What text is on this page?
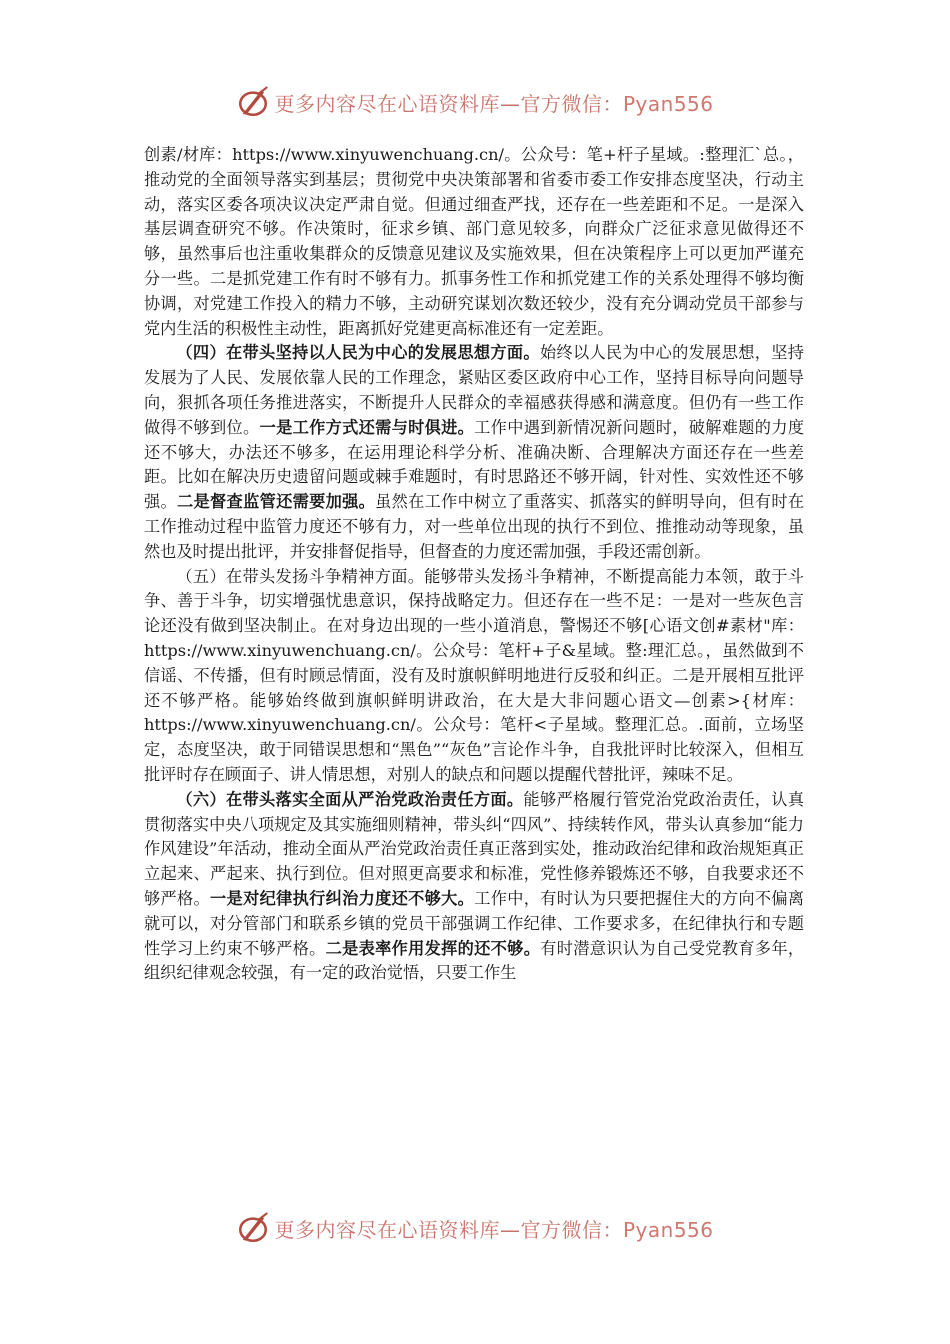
更多内容尽在心语资料库—官方微信：Pyan556

创素/材库：https://www.xinyuwenchuang.cn/。公众号：笔+杆子星域。:整理汇`总。，推动党的全面领导落实到基层；贯彻党中央决策部署和省委市委工作安排态度坚决，行动主动，落实区委各项决议决定严肃自觉。但通过细查严找，还存在一些差距和不足。一是深入基层调查研究不够。作决策时，征求乡镇、部门意见较多，向群众广泛征求意见做得还不够，虽然事后也注重收集群众的反馈意见建议及实施效果，但在决策程序上可以更加严谨充分一些。二是抓党建工作有时不够有力。抓事务性工作和抓党建工作的关系处理得不够均衡协调，对党建工作投入的精力不够，主动研究谋划次数还较少，没有充分调动党员干部参与党内生活的积极性主动性，距离抓好党建更高标准还有一定差距。

（四）在带头坚持以人民为中心的发展思想方面。始终以人民为中心的发展思想，坚持发展为了人民、发展依靠人民的工作理念，紧贴区委区政府中心工作，坚持目标导向问题导向，狠抓各项任务推进落实，不断提升人民群众的幸福感获得感和满意度。但仍有一些工作做得不够到位。一是工作方式还需与时俱进。工作中遇到新情况新问题时，破解难题的力度还不够大，办法还不够多，在运用理论科学分析、准确决断、合理解决方面还存在一些差距。比如在解决历史遗留问题或棘手难题时，有时思路还不够开阔，针对性、实效性还不够强。二是督查监管还需要加强。虽然在工作中树立了重落实、抓落实的鲜明导向，但有时在工作推动过程中监管力度还不够有力，对一些单位出现的执行不到位、推推动动等现象，虽然也及时提出批评，并安排督促指导，但督查的力度还需加强，手段还需创新。

（五）在带头发扬斗争精神方面。能够带头发扬斗争精神，不断提高能力本领，敢于斗争、善于斗争，切实增强忧患意识，保持战略定力。但还存在一些不足：一是对一些灰色言论还没有做到坚决制止。在对身边出现的一些小道消息，警惕还不够[心语文创#素材"库：https://www.xinyuwenchuang.cn/。公众号：笔杆+子&星域。整:理汇总。，虽然做到不信谣、不传播，但有时顾忌情面，没有及时旗帜鲜明地进行反驳和纠正。二是开展相互批评还不够严格。能够始终做到旗帜鲜明讲政治，在大是大非问题心语文—创素>{材库：https://www.xinyuwenchuang.cn/。公众号：笔杆<子星域。整理汇总。.面前，立场坚定，态度坚决，敢于同错误思想和“黑色”“灰色”言论作斗争，自我批评时比较深入，但相互批评时存在顾面子、讲人情思想，对别人的缺点和问题以提醒代替批评，辣味不足。

（六）在带头落实全面从严治党政治责任方面。能够严格履行管党治党政治责任，认真贯彻落实中央八项规定及其实施细则精神，带头纠“四风”、持续转作风，带头认真参加“能力作风建设”年活动，推动全面从严治党政治责任真正落到实处，推动政治纪律和政治规矩真正立起来、严起来、执行到位。但对照更高要求和标准，党性修养锻炼还不够，自我要求还不够严格。一是对纪律执行纠治力度还不够大。工作中，有时认为只要把握住大的方向不偏离就可以，对分管部门和联系乡镇的党员干部强调工作纪律、工作要求多，在纪律执行和专题性学习上约束不够严格。二是表率作用发挥的还不够。有时潜意识认为自己受党教育多年，组织纪律观念较强，有一定的政治觉悟，只要工作生

更多内容尽在心语资料库—官方微信：Pyan556
